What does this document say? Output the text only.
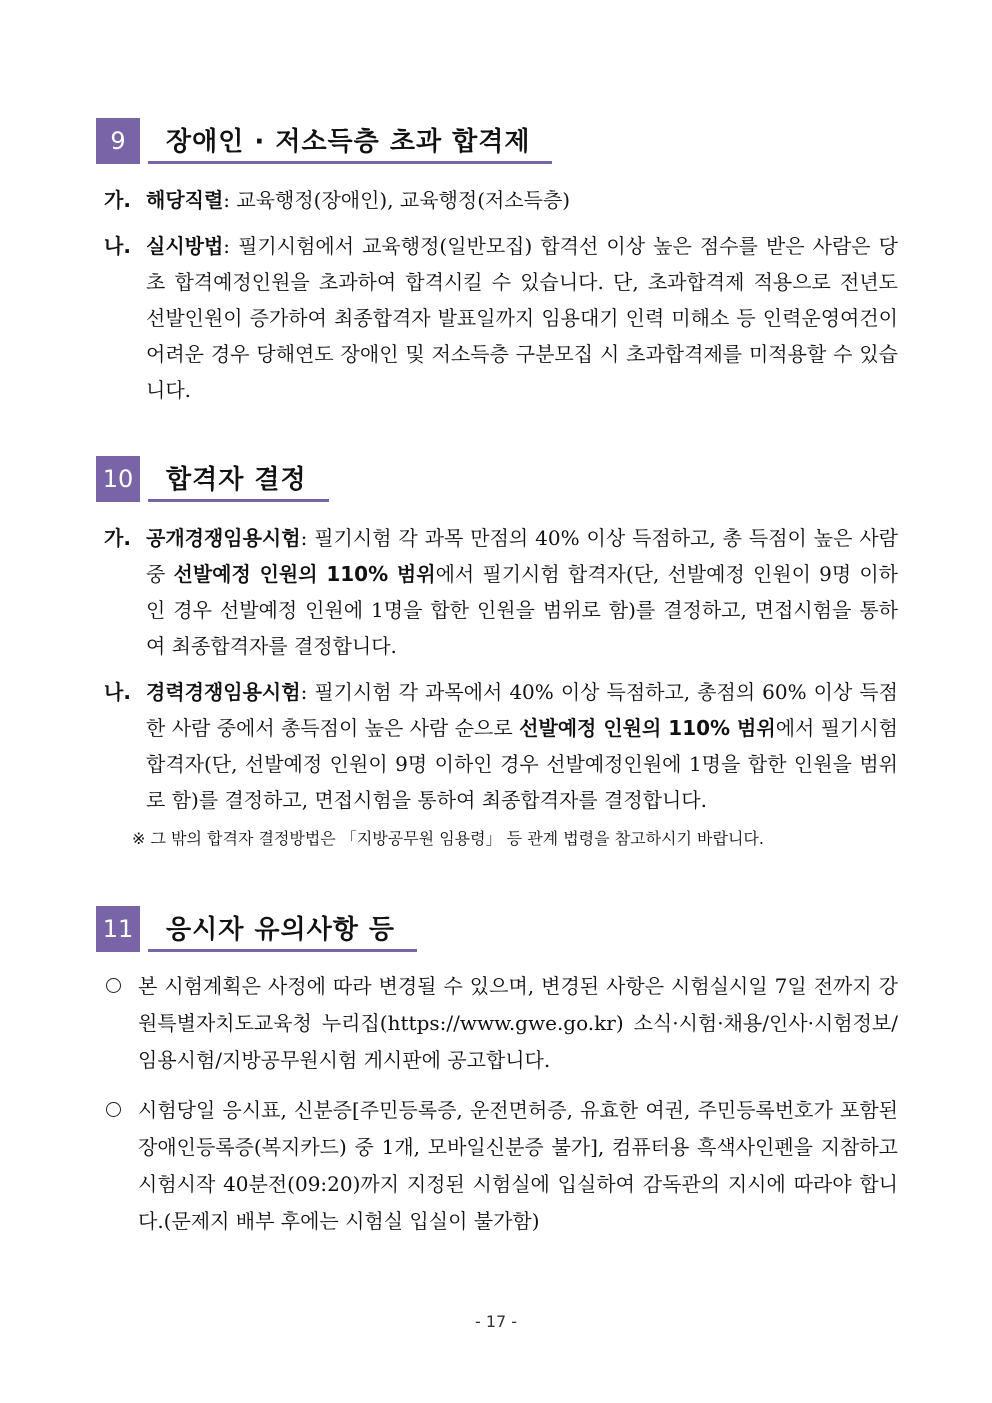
9	장애인 · 저소득층 초과 합격제
가. 해당직렬: 교육행정(장애인), 교육행정(저소득층)
나. 실시방법: 필기시험에서 교육행정(일반모집) 합격선 이상 높은 점수를 받은 사람은 당초 합격예정인원을 초과하여 합격시킬 수 있습니다. 단, 초과합격제 적용으로 전년도 선발인원이 증가하여 최종합격자 발표일까지 임용대기 인력 미해소 등 인력운영여건이 어려운 경우 당해연도 장애인 및 저소득층 구분모집 시 초과합격제를 미적용할 수 있습니다.
10 합격자 결정
가. 공개경쟁임용시험: 필기시험 각 과목 만점의 40% 이상 득점하고, 총 득점이 높은 사람 중 선발예정 인원의 110% 범위에서 필기시험 합격자(단, 선발예정 인원이 9명 이하인 경우 선발예정 인원에 1명을 합한 인원을 범위로 함)를 결정하고, 면접시험을 통하여 최종합격자를 결정합니다.
나. 경력경쟁임용시험: 필기시험 각 과목에서 40% 이상 득점하고, 총점의 60% 이상 득점한 사람 중에서 총득점이 높은 사람 순으로 선발예정 인원의 110% 범위에서 필기시험 합격자(단, 선발예정 인원이 9명 이하인 경우 선발예정인원에 1명을 합한 인원을 범위로 함)를 결정하고, 면접시험을 통하여 최종합격자를 결정합니다.
※ 그 밖의 합격자 결정방법은 「지방공무원 임용령」 등 관계 법령을 참고하시기 바랍니다.
11 응시자 유의사항 등
본 시험계획은 사정에 따라 변경될 수 있으며, 변경된 사항은 시험실시일 7일 전까지 강원특별자치도교육청 누리집(https://www.gwe.go.kr) 소식·시험·채용/인사·시험정보/임용시험/지방공무원시험 게시판에 공고합니다.
시험당일 응시표, 신분증[주민등록증, 운전면허증, 유효한 여권, 주민등록번호가 포함된 장애인등록증(복지카드) 중 1개, 모바일신분증 불가], 컴퓨터용 흑색사인펜을 지참하고 시험시작 40분전(09:20)까지 지정된 시험실에 입실하여 감독관의 지시에 따라야 합니다.(문제지 배부 후에는 시험실 입실이 불가함)
- 17 -
